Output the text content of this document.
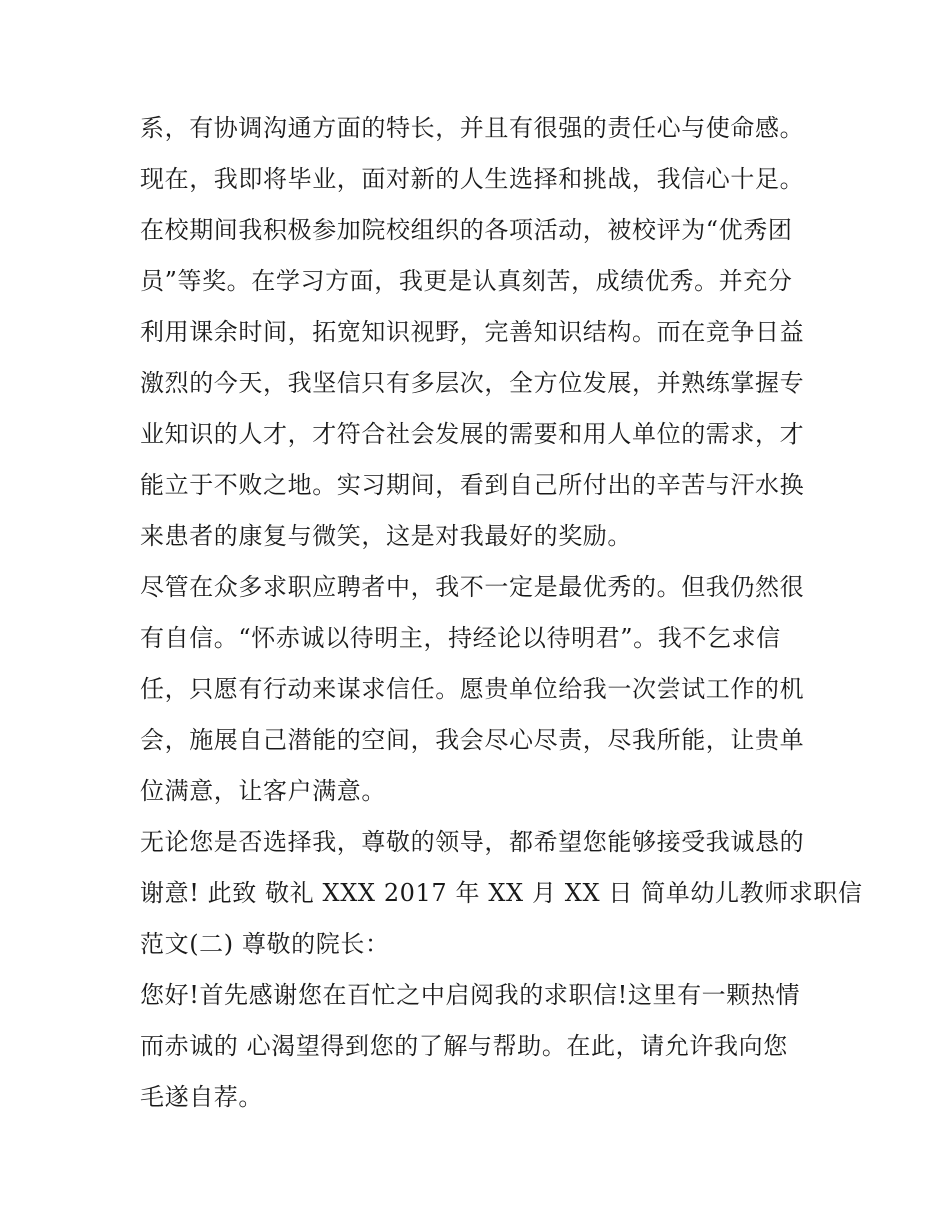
系，有协调沟通方面的特长，并且有很强的责任心与使命感。
现在，我即将毕业，面对新的人生选择和挑战，我信心十足。
在校期间我积极参加院校组织的各项活动，被校评为“优秀团
员”等奖。在学习方面，我更是认真刻苦，成绩优秀。并充分
利用课余时间，拓宽知识视野，完善知识结构。而在竞争日益
激烈的今天，我坚信只有多层次，全方位发展，并熟练掌握专
业知识的人才，才符合社会发展的需要和用人单位的需求，才
能立于不败之地。实习期间，看到自己所付出的辛苦与汗水换
来患者的康复与微笑，这是对我最好的奖励。
尽管在众多求职应聘者中，我不一定是最优秀的。但我仍然很
有自信。“怀赤诚以待明主，持经论以待明君”。我不乞求信
任，只愿有行动来谋求信任。愿贵单位给我一次尝试工作的机
会，施展自己潜能的空间，我会尽心尽责，尽我所能，让贵单
位满意，让客户满意。
无论您是否选择我，尊敬的领导，都希望您能够接受我诚恳的
谢意! 此致 敬礼 XXX 2017 年 XX 月 XX 日 简单幼儿教师求职信
范文(二) 尊敬的院长：
您好!首先感谢您在百忙之中启阅我的求职信!这里有一颗热情
而赤诚的 心渴望得到您的了解与帮助。在此，请允许我向您
毛遂自荐。
